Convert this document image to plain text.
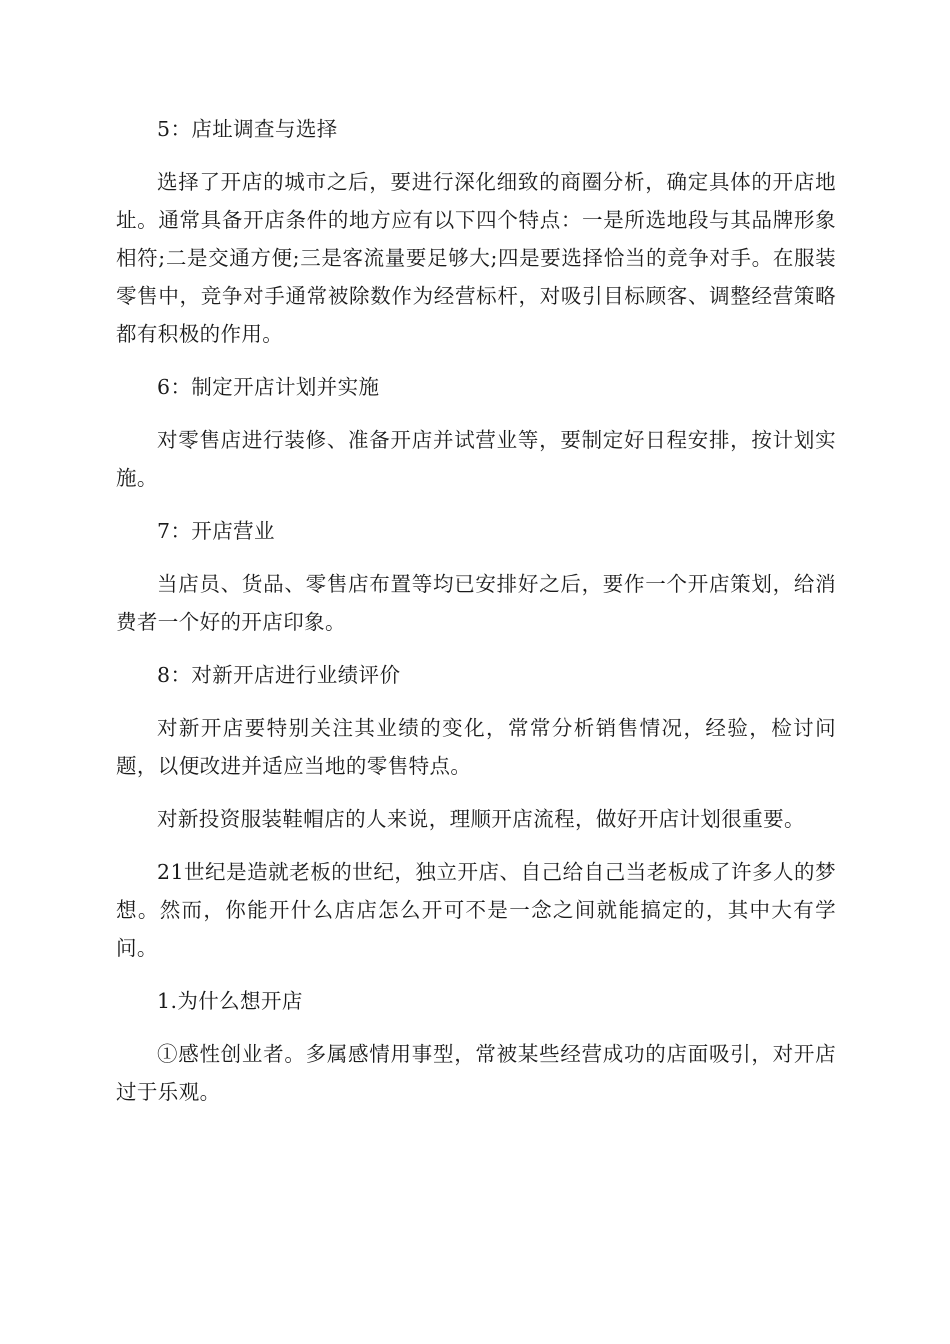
5：店址调查与选择

选择了开店的城市之后，要进行深化细致的商圈分析，确定具体的开店地址。通常具备开店条件的地方应有以下四个特点：一是所选地段与其品牌形象相符;二是交通方便;三是客流量要足够大;四是要选择恰当的竞争对手。在服装零售中，竞争对手通常被除数作为经营标杆，对吸引目标顾客、调整经营策略都有积极的作用。

6：制定开店计划并实施

对零售店进行装修、准备开店并试营业等，要制定好日程安排，按计划实施。

7：开店营业

当店员、货品、零售店布置等均已安排好之后，要作一个开店策划，给消费者一个好的开店印象。

8：对新开店进行业绩评价

对新开店要特别关注其业绩的变化，常常分析销售情况，经验，检讨问题，以便改进并适应当地的零售特点。

对新投资服装鞋帽店的人来说，理顺开店流程，做好开店计划很重要。

21世纪是造就老板的世纪，独立开店、自己给自己当老板成了许多人的梦想。然而，你能开什么店店怎么开可不是一念之间就能搞定的，其中大有学问。

1.为什么想开店

①感性创业者。多属感情用事型，常被某些经营成功的店面吸引，对开店过于乐观。
